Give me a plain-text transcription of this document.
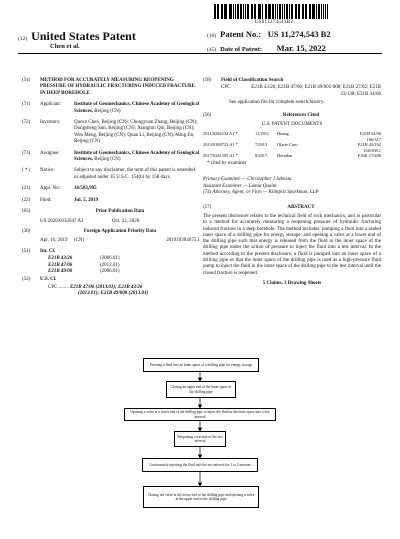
US011274543B2
(12) United States Patent
Chen et al.
(10) Patent No.: US 11,274,543 B2
(45) Date of Patent: Mar. 15, 2022
(54)	METHOD FOR ACCURATELY MEASURING REOPENING PRESSURE OF HYDRAULIC FRACTURING INDUCED FRACTURE IN DEEP BOREHOLE
(71)	Applicant:	Institute of Geomechanics, Chinese Academy of Geological Sciences, Beijing (CN)
(72)	Inventors:	Qunce Chen, Beijing (CN); Chongyuan Zhang, Beijing (CN); Dongsheng Sun, Beijing (CN); Xianghui Qin, Beijing (CN); Wen Meng, Beijing (CN); Quan Li, Beijing (CN); Ming Jin, Beijing (CN)
(73)	Assignee:	Institute of Geomechanics, Chinese Academy of Geological Sciences, Beijing (CN)
( * )	Notice:	Subject to any disclaimer, the term of this patent is extended or adjusted under 35 U.S.C. 154(b) by 158 days.
(21)	Appl. No.:	16/503,995
(22)	Filed:	Jul. 5, 2019
(65)	Prior Publication Data
US 2020/0332647 A1	Oct. 22, 2020
(30)	Foreign Application Priority Data
Apr. 16, 2019	(CN)	201910304075.1
(51)	Int. Cl.
E21B 43/26	(2006.01)
E21B 47/06	(2012.01)
E21B 49/00	(2006.01)
(52)	U.S. Cl.
CPC ........ E21B 47/06 (2013.01); E21B 43/26
(2013.01); E21B 49/008 (2013.01)
(58)	Field of Classification Search
CPC	E21B 43/26; E21B 47/06; E21B 49/005-008; E21B 27/02; E21B 33/138; E21B 34/06
See application file for complete search history.
(56)	References Cited
U.S. PATENT DOCUMENTS
2011/0284232 A1 *	11/2011	Huang	E21B 34/06
166/317
2013/0180722 A1 *	7/2013	Olarte Caro	E21B 43/162
166/308.1
2017/0241595 A1 *	8/2017	Herndon	F16K 17/406
* cited by examiner
Primary Examiner — Christopher J Sebesta
Assistant Examiner — Lamia Quaim
(74) Attorney, Agent, or Firm — Klintpist Sparkman, LLP
(57)	ABSTRACT
The present disclosure relates to the technical field of rock mechanics, and in particular to a method for accurately measuring a reopening pressure of hydraulic fracturing induced fracture in a deep borehole. The method includes: pumping a fluid into a sealed inner space of a drilling pipe for energy storage; and opening a valve at a lower end of the drilling pipe such that energy is released from the fluid in the inner space of the drilling pipe under the action of pressure to inject the fluid into a test interval. In the method according to the present disclosure, a fluid is pumped into an inner space of a drilling pipe so that the inner space of the drilling pipe is used as a high-pressure fluid pump to inject the fluid in the inner space of the drilling pipe to the test interval until the closed fracture is reopened.
5 Claims, 3 Drawing Sheets
Pressing a fluid into an inner space of a drilling pipe for energy storage
Closing an upper end of the inner space of the drilling pipe
Opening a valve at a lower end of the drilling pipe to inject the fluid in the inner space into a test interval
Reopening a fracture of the test interval
Continuously injecting the fluid into the test interval for 1 to 2 minutes
Closing the valve at the lower end of the drilling pipe and opening a valve at the upper end of the drilling pipe
